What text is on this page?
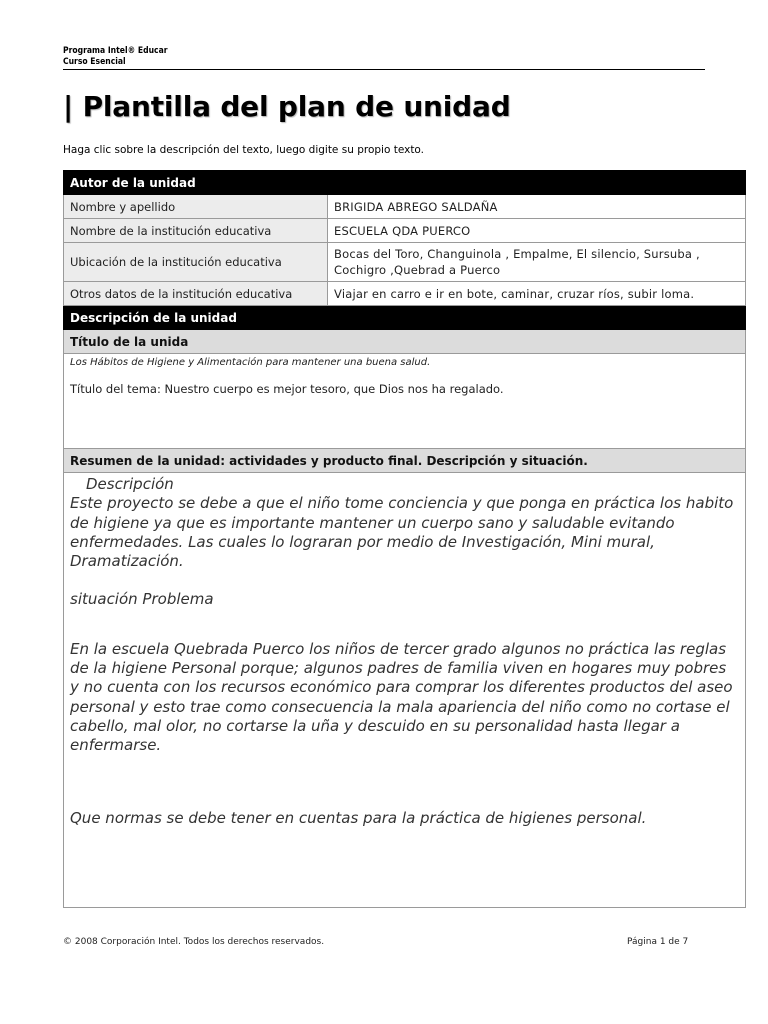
Programa Intel® Educar
Curso Esencial
| Plantilla del plan de unidad
Haga clic sobre la descripción del texto, luego digite su propio texto.
Autor de la unidad	
Nombre y apellido	BRIGIDA ABREGO SALDAÑA
Nombre de la institución educativa	ESCUELA QDA PUERCO
Ubicación de la institución educativa	Bocas del Toro, Changuinola , Empalme, El silencio, Sursuba , Cochigro ,Quebrad a Puerco
Otros datos de la institución educativa	Viajar en carro e ir en bote, caminar, cruzar ríos, subir loma.
Descripción de la unidad	
Título de la unida	

Los Hábitos de Higiene y Alimentación para mantener una buena salud.
Título del tema: Nuestro cuerpo es mejor tesoro, que Dios nos ha regalado.	

Resumen de la unidad: actividades y producto final. Descripción y situación.	

Descripción

Este proyecto se debe a que el niño tome conciencia y que ponga en práctica los habito de higiene ya que es importante mantener un cuerpo sano y saludable evitando enfermedades. Las cuales lo lograran por medio de Investigación, Mini mural, Dramatización.

situación Problema

En la escuela Quebrada Puerco los niños de tercer grado algunos no práctica las reglas de la higiene Personal porque; algunos padres de familia viven en hogares muy pobres y no cuenta con los recursos económico para comprar los diferentes productos del aseo personal y esto trae como consecuencia la mala apariencia del niño como no cortase el cabello, mal olor, no cortarse la uña y descuido en su personalidad hasta llegar a enfermarse.

Que normas se debe tener en cuentas para la práctica de higienes personal.	

© 2008 Corporación Intel. Todos los derechos reservados.	Página 1 de 7
